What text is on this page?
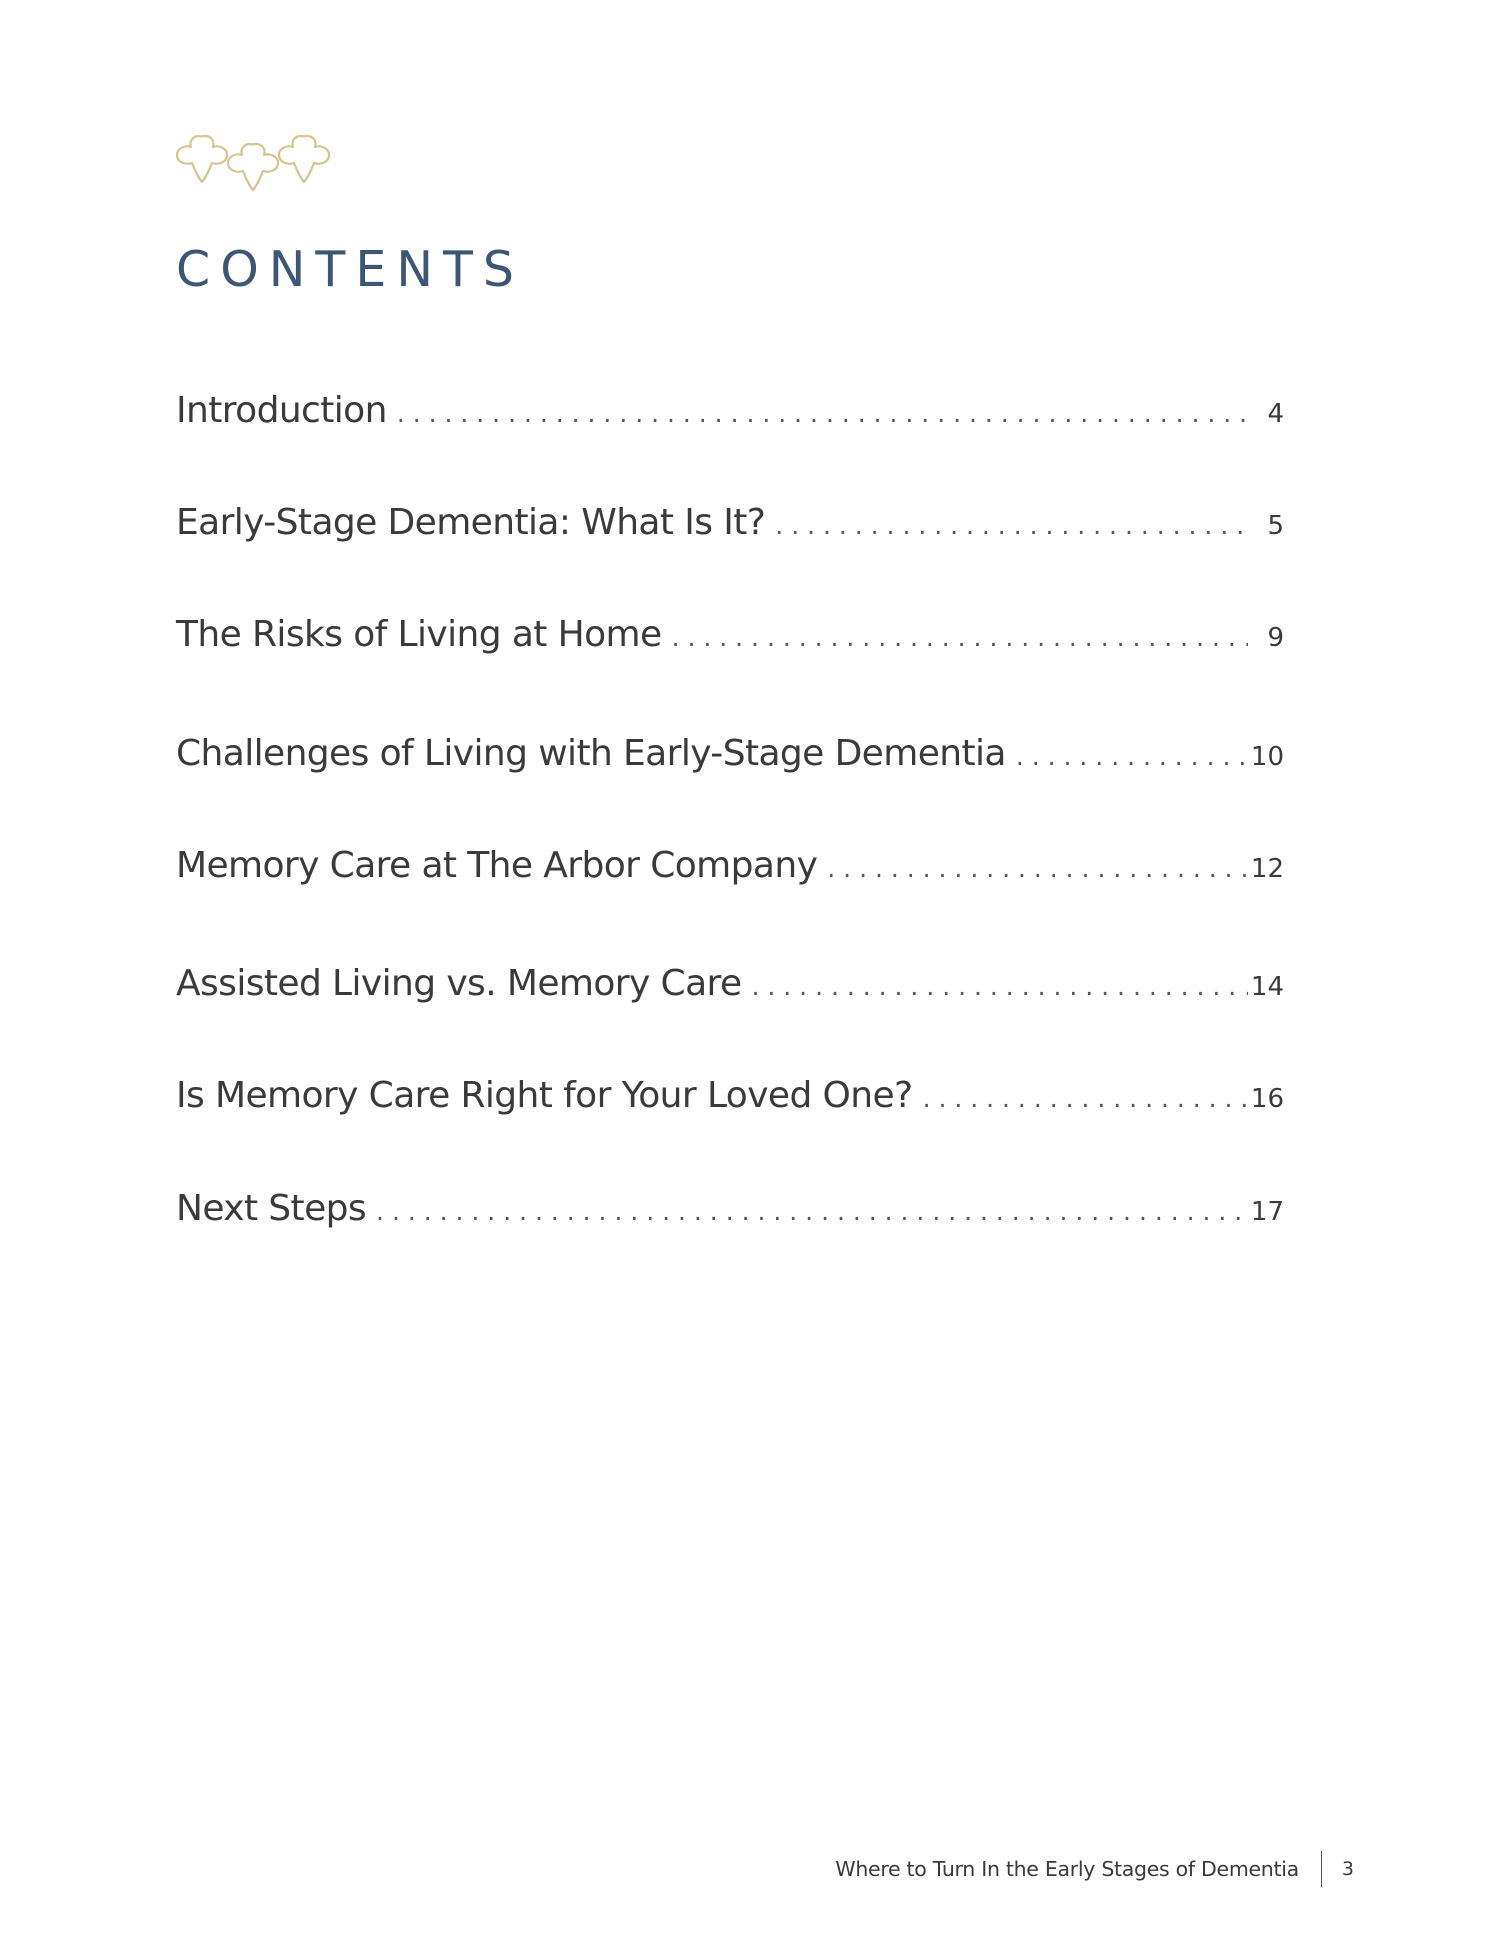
CONTENTS
Introduction . . .	4
Early-Stage Dementia: What Is It? . . .	5
The Risks of Living at Home . . .	9
Challenges of Living with Early-Stage Dementia . . .	10
Memory Care at The Arbor Company . . .	12
Assisted Living vs. Memory Care . . .	14
Is Memory Care Right for Your Loved One? . . .	16
Next Steps . . .	17
Where to Turn In the Early Stages of Dementia 3
